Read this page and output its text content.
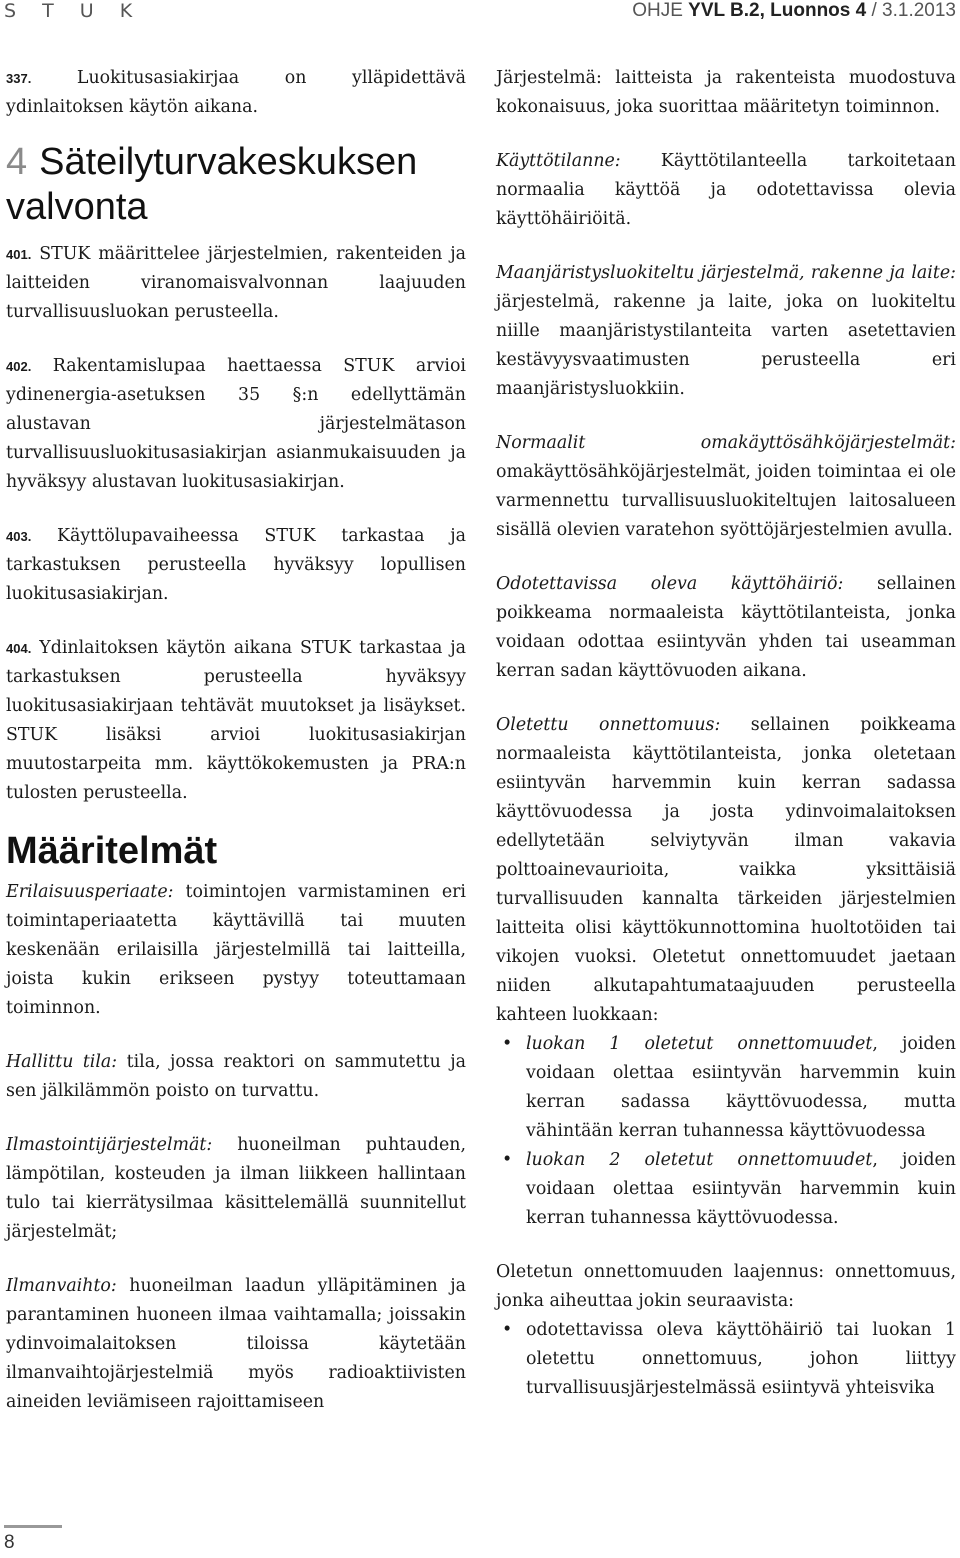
S T U K	OHJE YVL B.2, Luonnos 4 / 3.1.2013

337. Luokitusasiakirjaa on ylläpidettävä ydinlaitoksen käytön aikana.

4 Säteilyturvakeskuksen valvonta

401. STUK määrittelee järjestelmien, rakenteiden ja laitteiden viranomaisvalvonnan laajuuden turvallisuusluokan perusteella.

402. Rakentamislupaa haettaessa STUK arvioi ydinenergia-asetuksen 35 §:n edellyttämän alustavan järjestelmätason turvallisuusluokitusasiakirjan asianmukaisuuden ja hyväksyy alustavan luokitusasiakirjan.

403. Käyttölupavaiheessa STUK tarkastaa ja tarkastuksen perusteella hyväksyy lopullisen luokitusasiakirjan.

404. Ydinlaitoksen käytön aikana STUK tarkastaa ja tarkastuksen perusteella hyväksyy luokitusasiakirjaan tehtävät muutokset ja lisäykset. STUK lisäksi arvioi luokitusasiakirjan muutostarpeita mm. käyttökokemusten ja PRA:n tulosten perusteella.

Määritelmät

Erilaisuusperiaate: toimintojen varmistaminen eri toimintaperiaatetta käyttävillä tai muuten keskenään erilaisilla järjestelmillä tai laitteilla, joista kukin erikseen pystyy toteuttamaan toiminnon.

Hallittu tila: tila, jossa reaktori on sammutettu ja sen jälkilämmön poisto on turvattu.

Ilmastointijärjestelmät: huoneilman puhtauden, lämpötilan, kosteuden ja ilman liikkeen hallintaan tulo tai kierrätysilmaa käsittelemällä suunnitellut järjestelmät;

Ilmanvaihto: huoneilman laadun ylläpitäminen ja parantaminen huoneen ilmaa vaihtamalla; joissakin ydinvoimalaitoksen tiloissa käytetään ilmanvaihtojärjestelmiä myös radioaktiivisten aineiden leviämiseen rajoittamiseen

Järjestelmä: laitteista ja rakenteista muodostuva kokonaisuus, joka suorittaa määritetyn toiminnon.

Käyttötilanne: Käyttötilanteella tarkoitetaan normaalia käyttöä ja odotettavissa olevia käyttöhäiriöitä.

Maanjäristysluokiteltu järjestelmä, rakenne ja laite: järjestelmä, rakenne ja laite, joka on luokiteltu niille maanjäristystilanteita varten asetettavien kestävyysvaatimusten perusteella eri maanjäristysluokkiin.

Normaalit omakäyttösähköjärjestelmät: omakäyttösähköjärjestelmät, joiden toimintaa ei ole varmennettu turvallisuusluokiteltujen laitosalueen sisällä olevien varatehon syöttöjärjestelmien avulla.

Odotettavissa oleva käyttöhäiriö: sellainen poikkeama normaaleista käyttötilanteista, jonka voidaan odottaa esiintyvän yhden tai useamman kerran sadan käyttövuoden aikana.

Oletettu onnettomuus: sellainen poikkeama normaaleista käyttötilanteista, jonka oletetaan esiintyvän harvemmin kuin kerran sadassa käyttövuodessa ja josta ydinvoimalaitoksen edellytetään selviytyvän ilman vakavia polttoainevaurioita, vaikka yksittäisiä turvallisuuden kannalta tärkeiden järjestelmien laitteita olisi käyttökunnottomina huoltotöiden tai vikojen vuoksi. Oletetut onnettomuudet jaetaan niiden alkutapahtumataajuuden perusteella kahteen luokkaan:

• luokan 1 oletetut onnettomuudet, joiden voidaan olettaa esiintyvän harvemmin kuin kerran sadassa käyttövuodessa, mutta vähintään kerran tuhannessa käyttövuodessa
• luokan 2 oletetut onnettomuudet, joiden voidaan olettaa esiintyvän harvemmin kuin kerran tuhannessa käyttövuodessa.

Oletetun onnettomuuden laajennus: onnettomuus, jonka aiheuttaa jokin seuraavista:

• odotettavissa oleva käyttöhäiriö tai luokan 1 oletettu onnettomuus, johon liittyy turvallisuusjärjestelmässä esiintyvä yhteisvika
8
